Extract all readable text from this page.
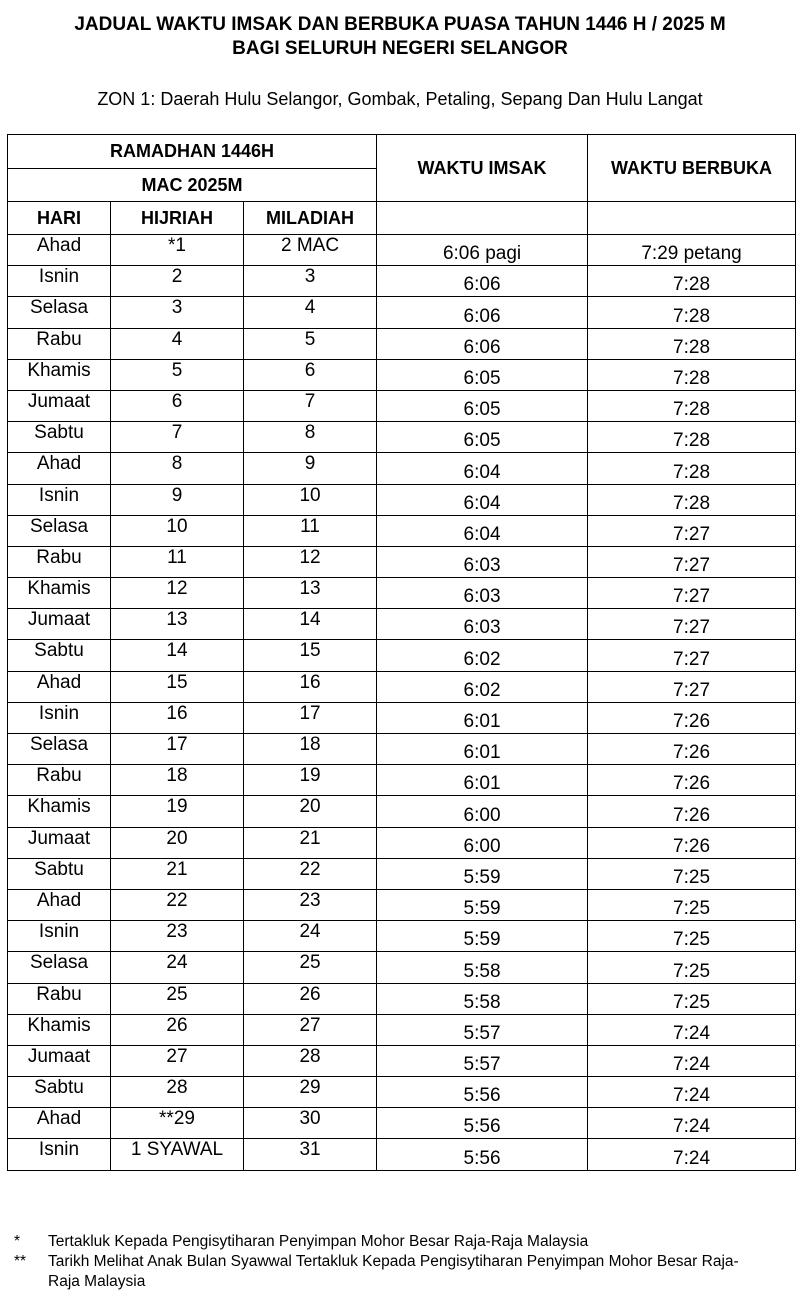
JADUAL WAKTU IMSAK DAN BERBUKA PUASA TAHUN 1446 H / 2025 M
BAGI SELURUH NEGERI SELANGOR
ZON 1: Daerah Hulu Selangor, Gombak, Petaling, Sepang Dan Hulu Langat
RAMADHAN 1446H			WAKTU IMSAK	WAKTU BERBUKA
MAC 2025M				
HARI	HIJRIAH	MILADIAH		
Ahad	*1	2 MAC	6:06 pagi	7:29 petang
Isnin	2	3	6:06	7:28
Selasa	3	4	6:06	7:28
Rabu	4	5	6:06	7:28
Khamis	5	6	6:05	7:28
Jumaat	6	7	6:05	7:28
Sabtu	7	8	6:05	7:28
Ahad	8	9	6:04	7:28
Isnin	9	10	6:04	7:28
Selasa	10	11	6:04	7:27
Rabu	11	12	6:03	7:27
Khamis	12	13	6:03	7:27
Jumaat	13	14	6:03	7:27
Sabtu	14	15	6:02	7:27
Ahad	15	16	6:02	7:27
Isnin	16	17	6:01	7:26
Selasa	17	18	6:01	7:26
Rabu	18	19	6:01	7:26
Khamis	19	20	6:00	7:26
Jumaat	20	21	6:00	7:26
Sabtu	21	22	5:59	7:25
Ahad	22	23	5:59	7:25
Isnin	23	24	5:59	7:25
Selasa	24	25	5:58	7:25
Rabu	25	26	5:58	7:25
Khamis	26	27	5:57	7:24
Jumaat	27	28	5:57	7:24
Sabtu	28	29	5:56	7:24
Ahad	**29	30	5:56	7:24
Isnin	1 SYAWAL	31	5:56	7:24
*	Tertakluk Kepada Pengisytiharan Penyimpan Mohor Besar Raja-Raja Malaysia
**	Tarikh Melihat Anak Bulan Syawwal Tertakluk Kepada Pengisytiharan Penyimpan Mohor Besar Raja-Raja Malaysia
